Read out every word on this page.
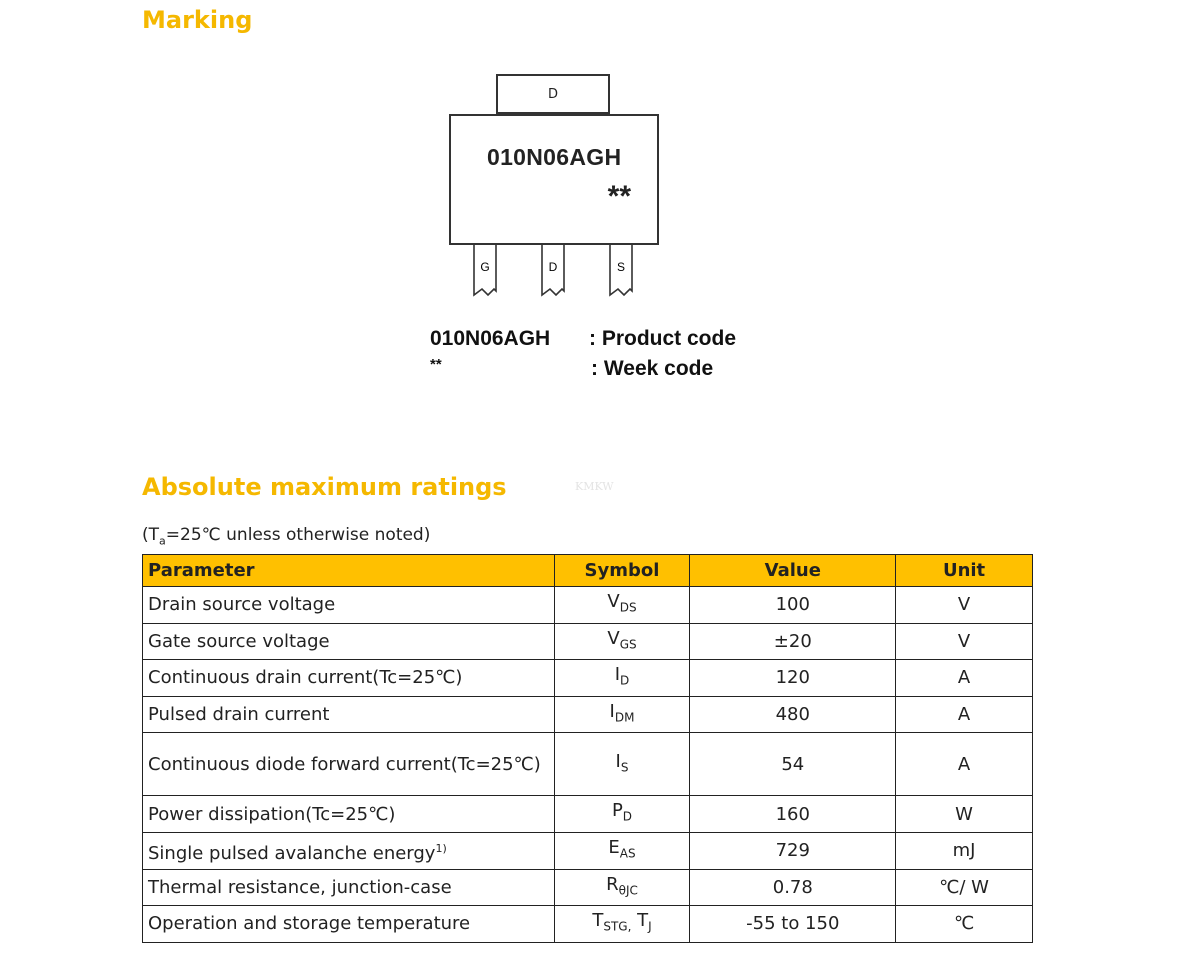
Marking
D
010N06AGH
**
G	D	S
010N06AGH : Product code
**	: Week code
Absolute maximum ratings	KMKW
($T_a=25℃$ unless otherwise noted)
Parameter	Symbol	Value	Unit
Drain source voltage	$V_{DS}$	100	V
Gate source voltage	$V_{GS}$	±20	V
Continuous drain current(Tc=25℃)	$I_D$	120	A
Pulsed drain current	$I_{DM}$	480	A
Continuous diode forward current(Tc=25℃)	$I_S$	54	A
Power dissipation(Tc=25℃)	$P_D$	160	W
Single pulsed avalanche energy$^{1)}$	$E_{AS}$	729	mJ
Thermal resistance, junction-case	$R_{\theta JC}$	0.78	℃/ W
Operation and storage temperature	$T_{STG,}$ $T_J$	-55 to 150	℃
